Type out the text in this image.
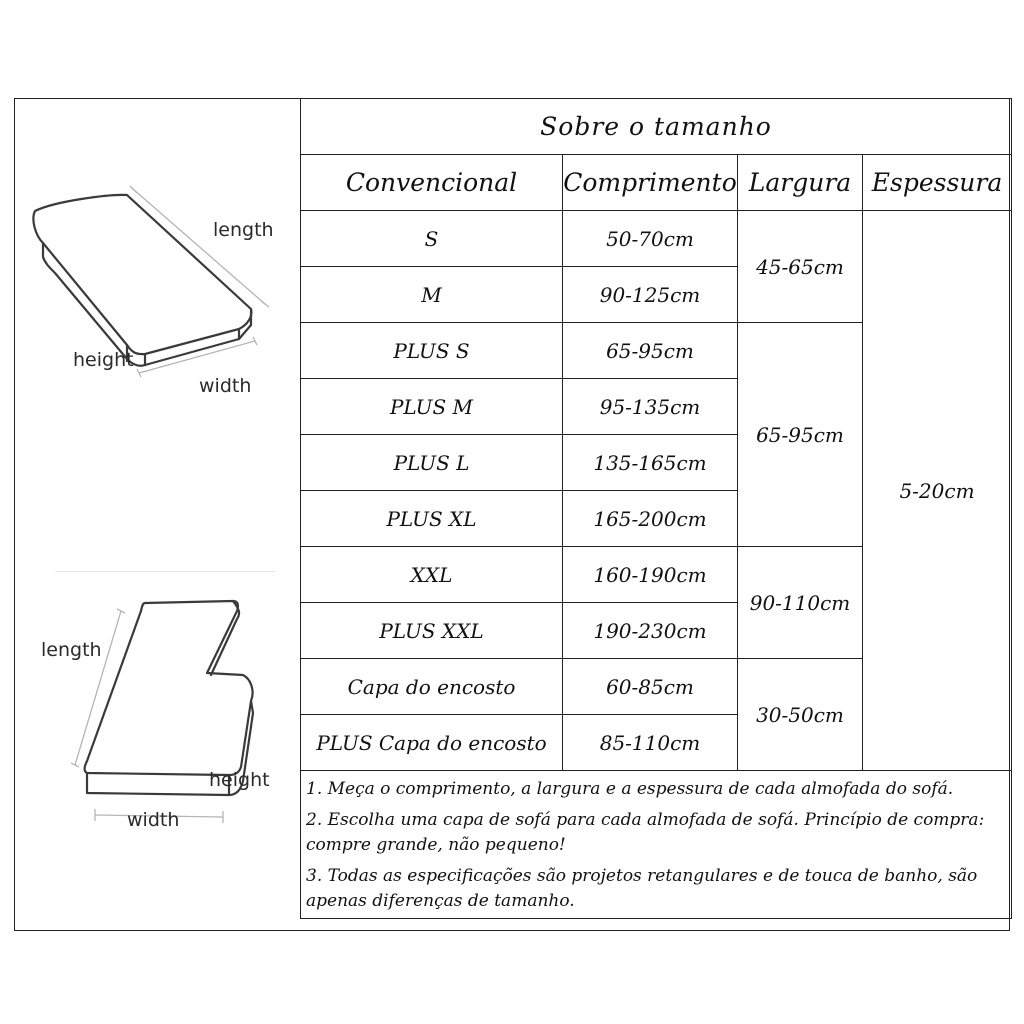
length
height
width
length
height
width
Sobre o tamanho			
Convencional	Comprimento	Largura	Espessura
S	50-70cm	45-65cm	5-20cm
M	90-125cm		
PLUS S	65-95cm	65-95cm	
PLUS M	95-135cm		
PLUS L	135-165cm		
PLUS XL	165-200cm		
XXL	160-190cm	90-110cm	
PLUS XXL	190-230cm		
Capa do encosto	60-85cm	30-50cm	
PLUS Capa do encosto	85-110cm		

1. Meça o comprimento, a largura e a espessura de cada almofada do sofá.
2. Escolha uma capa de sofá para cada almofada de sofá. Princípio de compra: compre grande, não pequeno!
3. Todas as especificações são projetos retangulares e de touca de banho, são apenas diferenças de tamanho.			
